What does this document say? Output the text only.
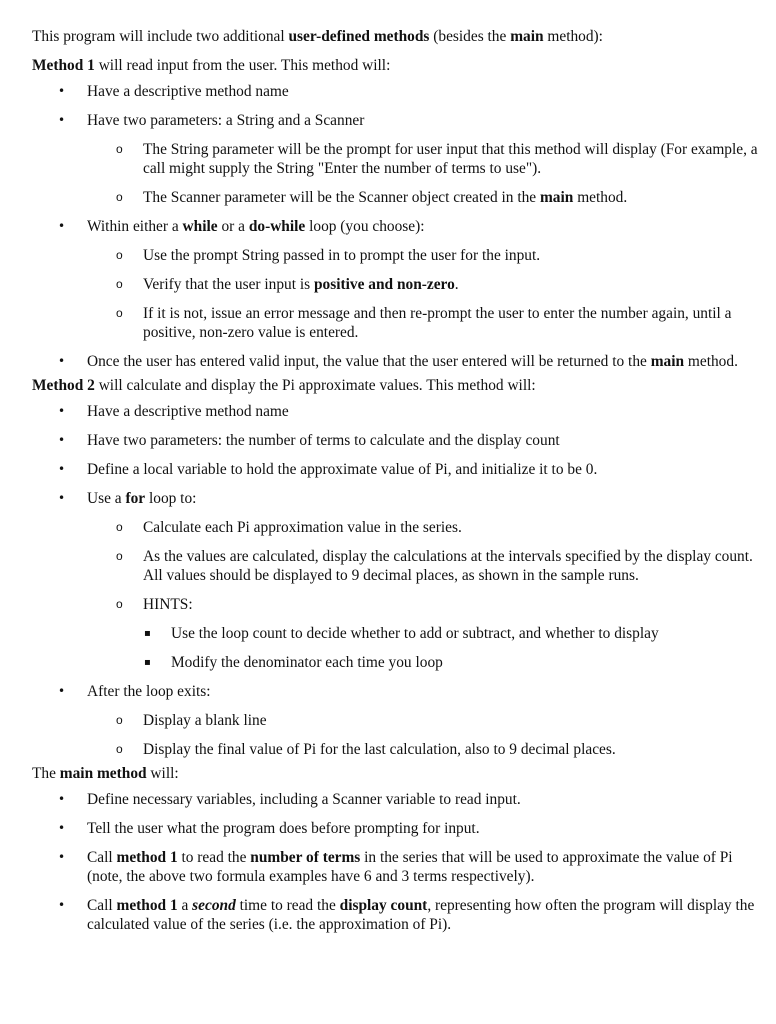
This program will include two additional user-defined methods (besides the main method):

Method 1 will read input from the user. This method will:

• Have a descriptive method name
• Have two parameters: a String and a Scanner
o The String parameter will be the prompt for user input that this method will display (For example, a call might supply the String "Enter the number of terms to use").
o The Scanner parameter will be the Scanner object created in the main method.
• Within either a while or a do-while loop (you choose):
o Use the prompt String passed in to prompt the user for the input.
o Verify that the user input is positive and non-zero.
o If it is not, issue an error message and then re-prompt the user to enter the number again, until a positive, non-zero value is entered.
• Once the user has entered valid input, the value that the user entered will be returned to the main method.

Method 2 will calculate and display the Pi approximate values. This method will:

• Have a descriptive method name
• Have two parameters: the number of terms to calculate and the display count
• Define a local variable to hold the approximate value of Pi, and initialize it to be 0.
• Use a for loop to:
o Calculate each Pi approximation value in the series.
o As the values are calculated, display the calculations at the intervals specified by the display count. All values should be displayed to 9 decimal places, as shown in the sample runs.
o HINTS:
▪ Use the loop count to decide whether to add or subtract, and whether to display
▪ Modify the denominator each time you loop
• After the loop exits:
o Display a blank line
o Display the final value of Pi for the last calculation, also to 9 decimal places.

The main method will:

• Define necessary variables, including a Scanner variable to read input.
• Tell the user what the program does before prompting for input.
• Call method 1 to read the number of terms in the series that will be used to approximate the value of Pi (note, the above two formula examples have 6 and 3 terms respectively).
• Call method 1 a second time to read the display count, representing how often the program will display the calculated value of the series (i.e. the approximation of Pi).
